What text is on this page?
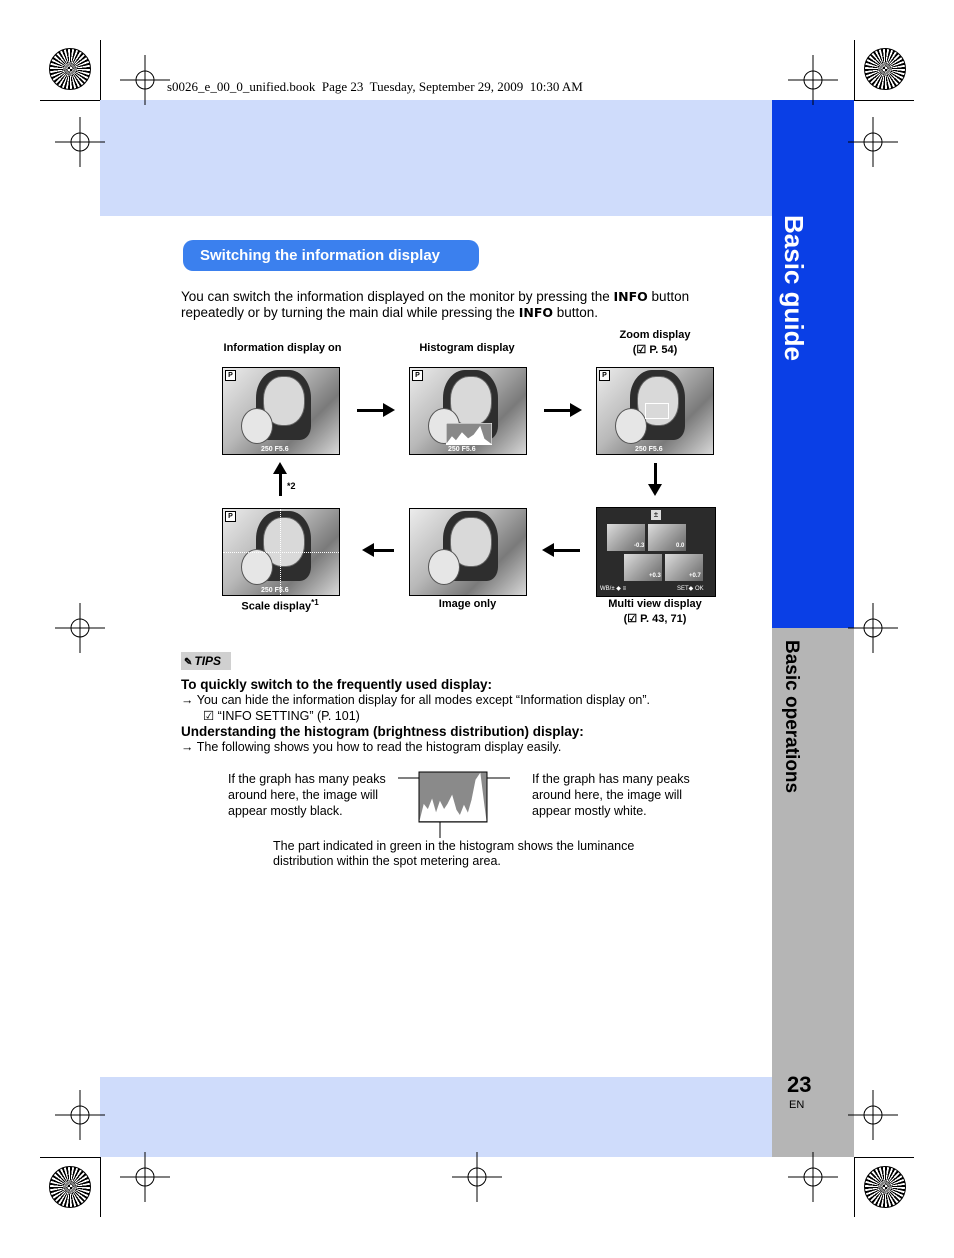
Basic guide
Basic operations
23
EN
s0026_e_00_0_unified.book  Page 23  Tuesday, September 29, 2009  10:30 AM
Switching the information display
You can switch the information displayed on the monitor by pressing the INFO button repeatedly or by turning the main dial while pressing the INFO button.
Information display on	Histogram display
Zoom display
(☑ P. 54)
P
250 F5.6
P
250 F5.6
P
250 F5.6
*2
P
250 F5.6
±
-0.3	0.0
+0.3	+0.7
WB/± ◆ ≡	SET◆ OK
Scale display$^{*1}$	Image only	Multi view display
(☑ P. 43, 71)
✎ TIPS
To quickly switch to the frequently used display:
→ You can hide the information display for all modes except “Information display on”.
☑ “INFO SETTING” (P. 101)
Understanding the histogram (brightness distribution) display:
→ The following shows you how to read the histogram display easily.
If the graph has many peaks around here, the image will appear mostly black.
If the graph has many peaks around here, the image will appear mostly white.
The part indicated in green in the histogram shows the luminance distribution within the spot metering area.
